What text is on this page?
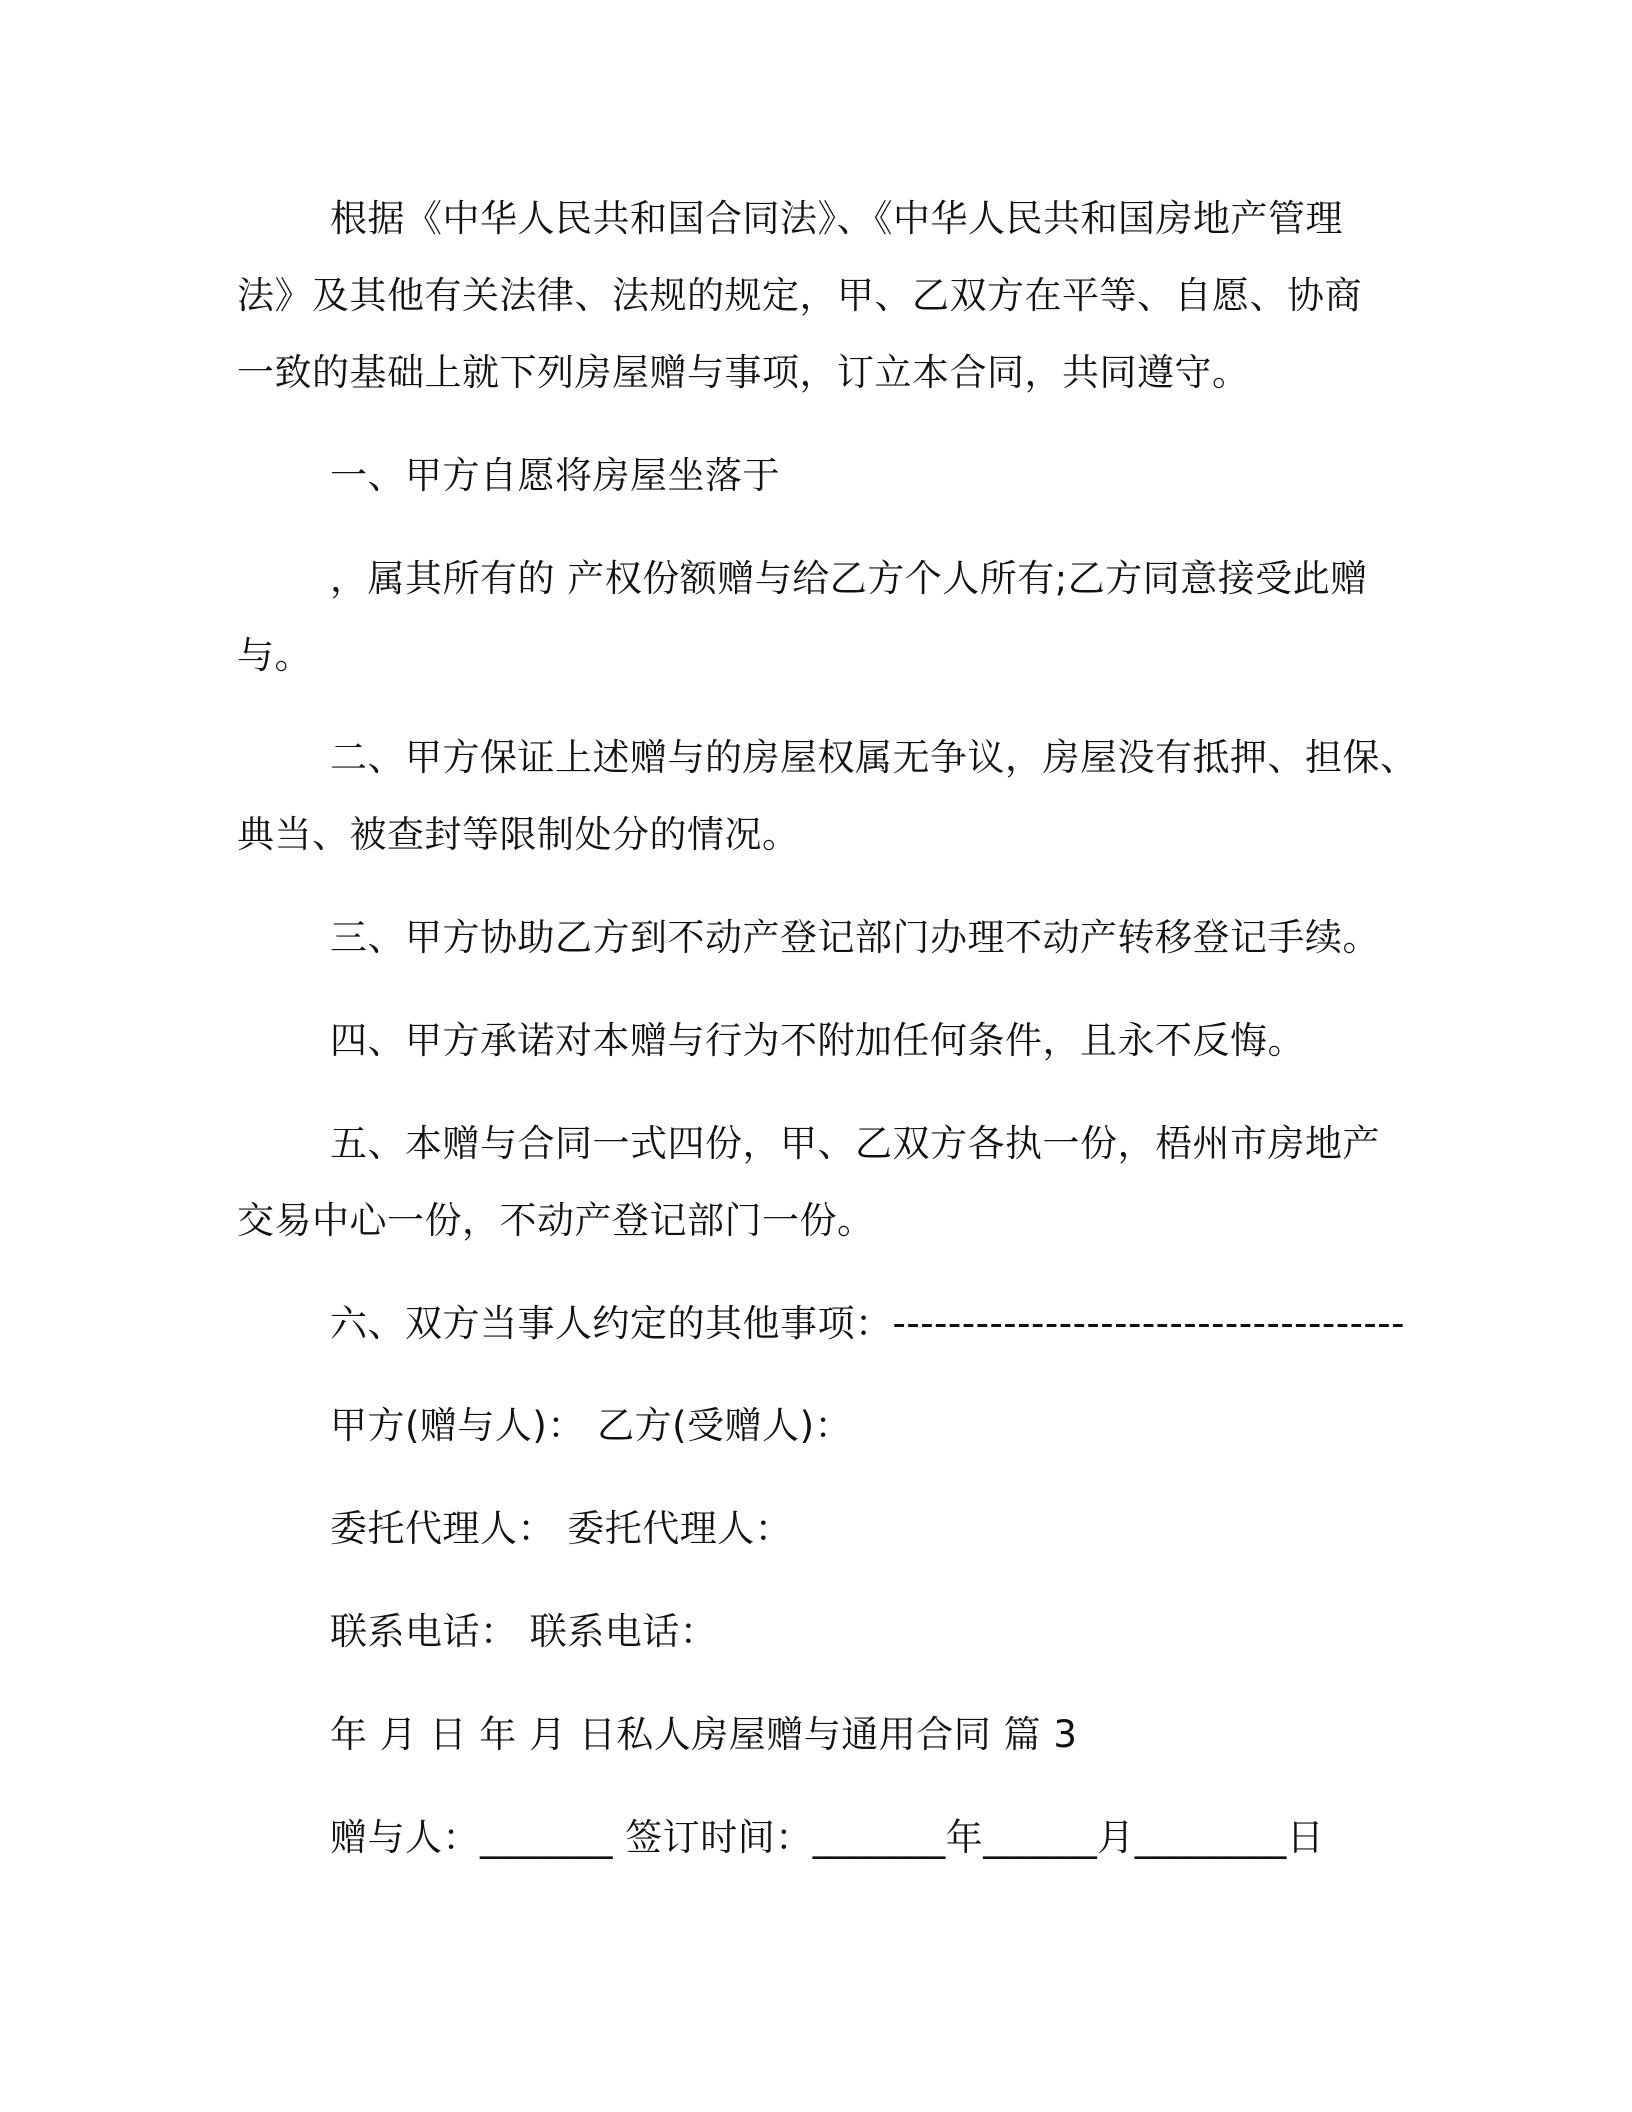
根据《中华人民共和国合同法》、《中华人民共和国房地产管理
法》及其他有关法律、法规的规定，甲、乙双方在平等、自愿、协商
一致的基础上就下列房屋赠与事项，订立本合同，共同遵守。
一、甲方自愿将房屋坐落于
，属其所有的 产权份额赠与给乙方个人所有;乙方同意接受此赠
与。
二、甲方保证上述赠与的房屋权属无争议，房屋没有抵押、担保、
典当、被查封等限制处分的情况。
三、甲方协助乙方到不动产登记部门办理不动产转移登记手续。
四、甲方承诺对本赠与行为不附加任何条件，且永不反悔。
五、本赠与合同一式四份，甲、乙双方各执一份，梧州市房地产
交易中心一份，不动产登记部门一份。
六、双方当事人约定的其他事项：-------------------------------------
甲方(赠与人)： 乙方(受赠人)：
委托代理人： 委托代理人：
联系电话： 联系电话：
年 月 日 年 月 日私人房屋赠与通用合同 篇 3
赠与人：_______ 签订时间：_______年______月________日
